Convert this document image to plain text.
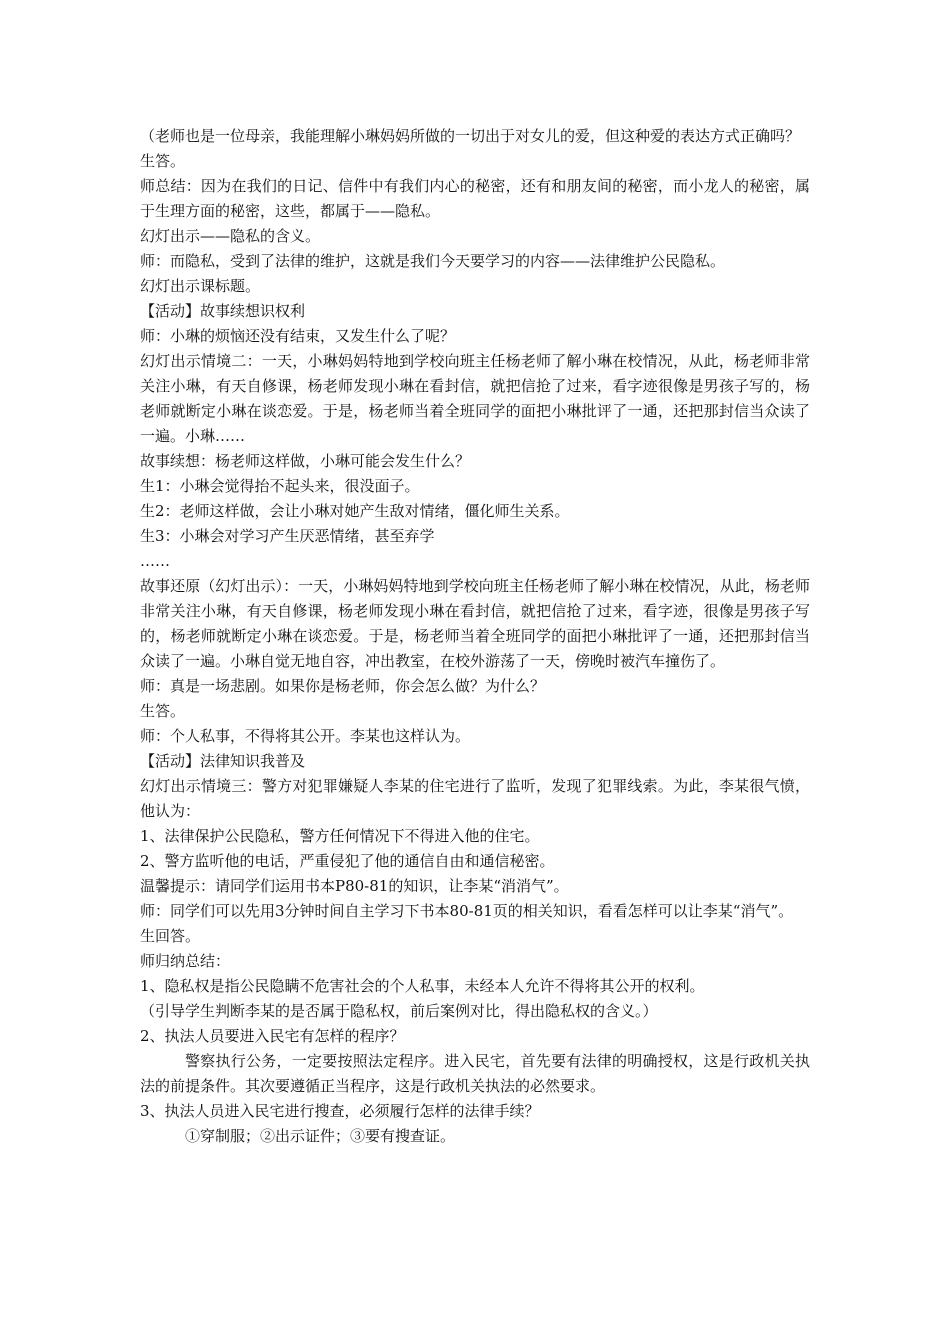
（老师也是一位母亲，我能理解小琳妈妈所做的一切出于对女儿的爱，但这种爱的表达方式正确吗？

生答。

师总结：因为在我们的日记、信件中有我们内心的秘密，还有和朋友间的秘密，而小龙人的秘密，属于生理方面的秘密，这些，都属于——隐私。

幻灯出示——隐私的含义。

师：而隐私，受到了法律的维护，这就是我们今天要学习的内容——法律维护公民隐私。

幻灯出示课标题。

【活动】故事续想识权利

师：小琳的烦恼还没有结束，又发生什么了呢？

幻灯出示情境二：一天，小琳妈妈特地到学校向班主任杨老师了解小琳在校情况，从此，杨老师非常关注小琳，有天自修课，杨老师发现小琳在看封信，就把信抢了过来，看字迹很像是男孩子写的，杨老师就断定小琳在谈恋爱。于是，杨老师当着全班同学的面把小琳批评了一通，还把那封信当众读了一遍。小琳……

故事续想：杨老师这样做，小琳可能会发生什么？

生1：小琳会觉得抬不起头来，很没面子。

生2：老师这样做，会让小琳对她产生敌对情绪，僵化师生关系。

生3：小琳会对学习产生厌恶情绪，甚至弃学

……

故事还原（幻灯出示）：一天，小琳妈妈特地到学校向班主任杨老师了解小琳在校情况，从此，杨老师非常关注小琳，有天自修课，杨老师发现小琳在看封信，就把信抢了过来，看字迹，很像是男孩子写的，杨老师就断定小琳在谈恋爱。于是，杨老师当着全班同学的面把小琳批评了一通，还把那封信当众读了一遍。小琳自觉无地自容，冲出教室，在校外游荡了一天，傍晚时被汽车撞伤了。

师：真是一场悲剧。如果你是杨老师，你会怎么做？为什么？

生答。

师：个人私事，不得将其公开。李某也这样认为。

【活动】法律知识我普及

幻灯出示情境三：警方对犯罪嫌疑人李某的住宅进行了监听，发现了犯罪线索。为此，李某很气愤，他认为：

1、法律保护公民隐私，警方任何情况下不得进入他的住宅。

2、警方监听他的电话，严重侵犯了他的通信自由和通信秘密。

温馨提示：请同学们运用书本P80-81的知识，让李某“消消气”。

师：同学们可以先用3分钟时间自主学习下书本80-81页的相关知识，看看怎样可以让李某“消气”。

生回答。

师归纳总结：

1、隐私权是指公民隐瞒不危害社会的个人私事，未经本人允许不得将其公开的权利。

（引导学生判断李某的是否属于隐私权，前后案例对比，得出隐私权的含义。）

2、执法人员要进入民宅有怎样的程序？

警察执行公务，一定要按照法定程序。进入民宅，首先要有法律的明确授权，这是行政机关执法的前提条件。其次要遵循正当程序，这是行政机关执法的必然要求。

3、执法人员进入民宅进行搜查，必须履行怎样的法律手续？

①穿制服；②出示证件；③要有搜查证。
